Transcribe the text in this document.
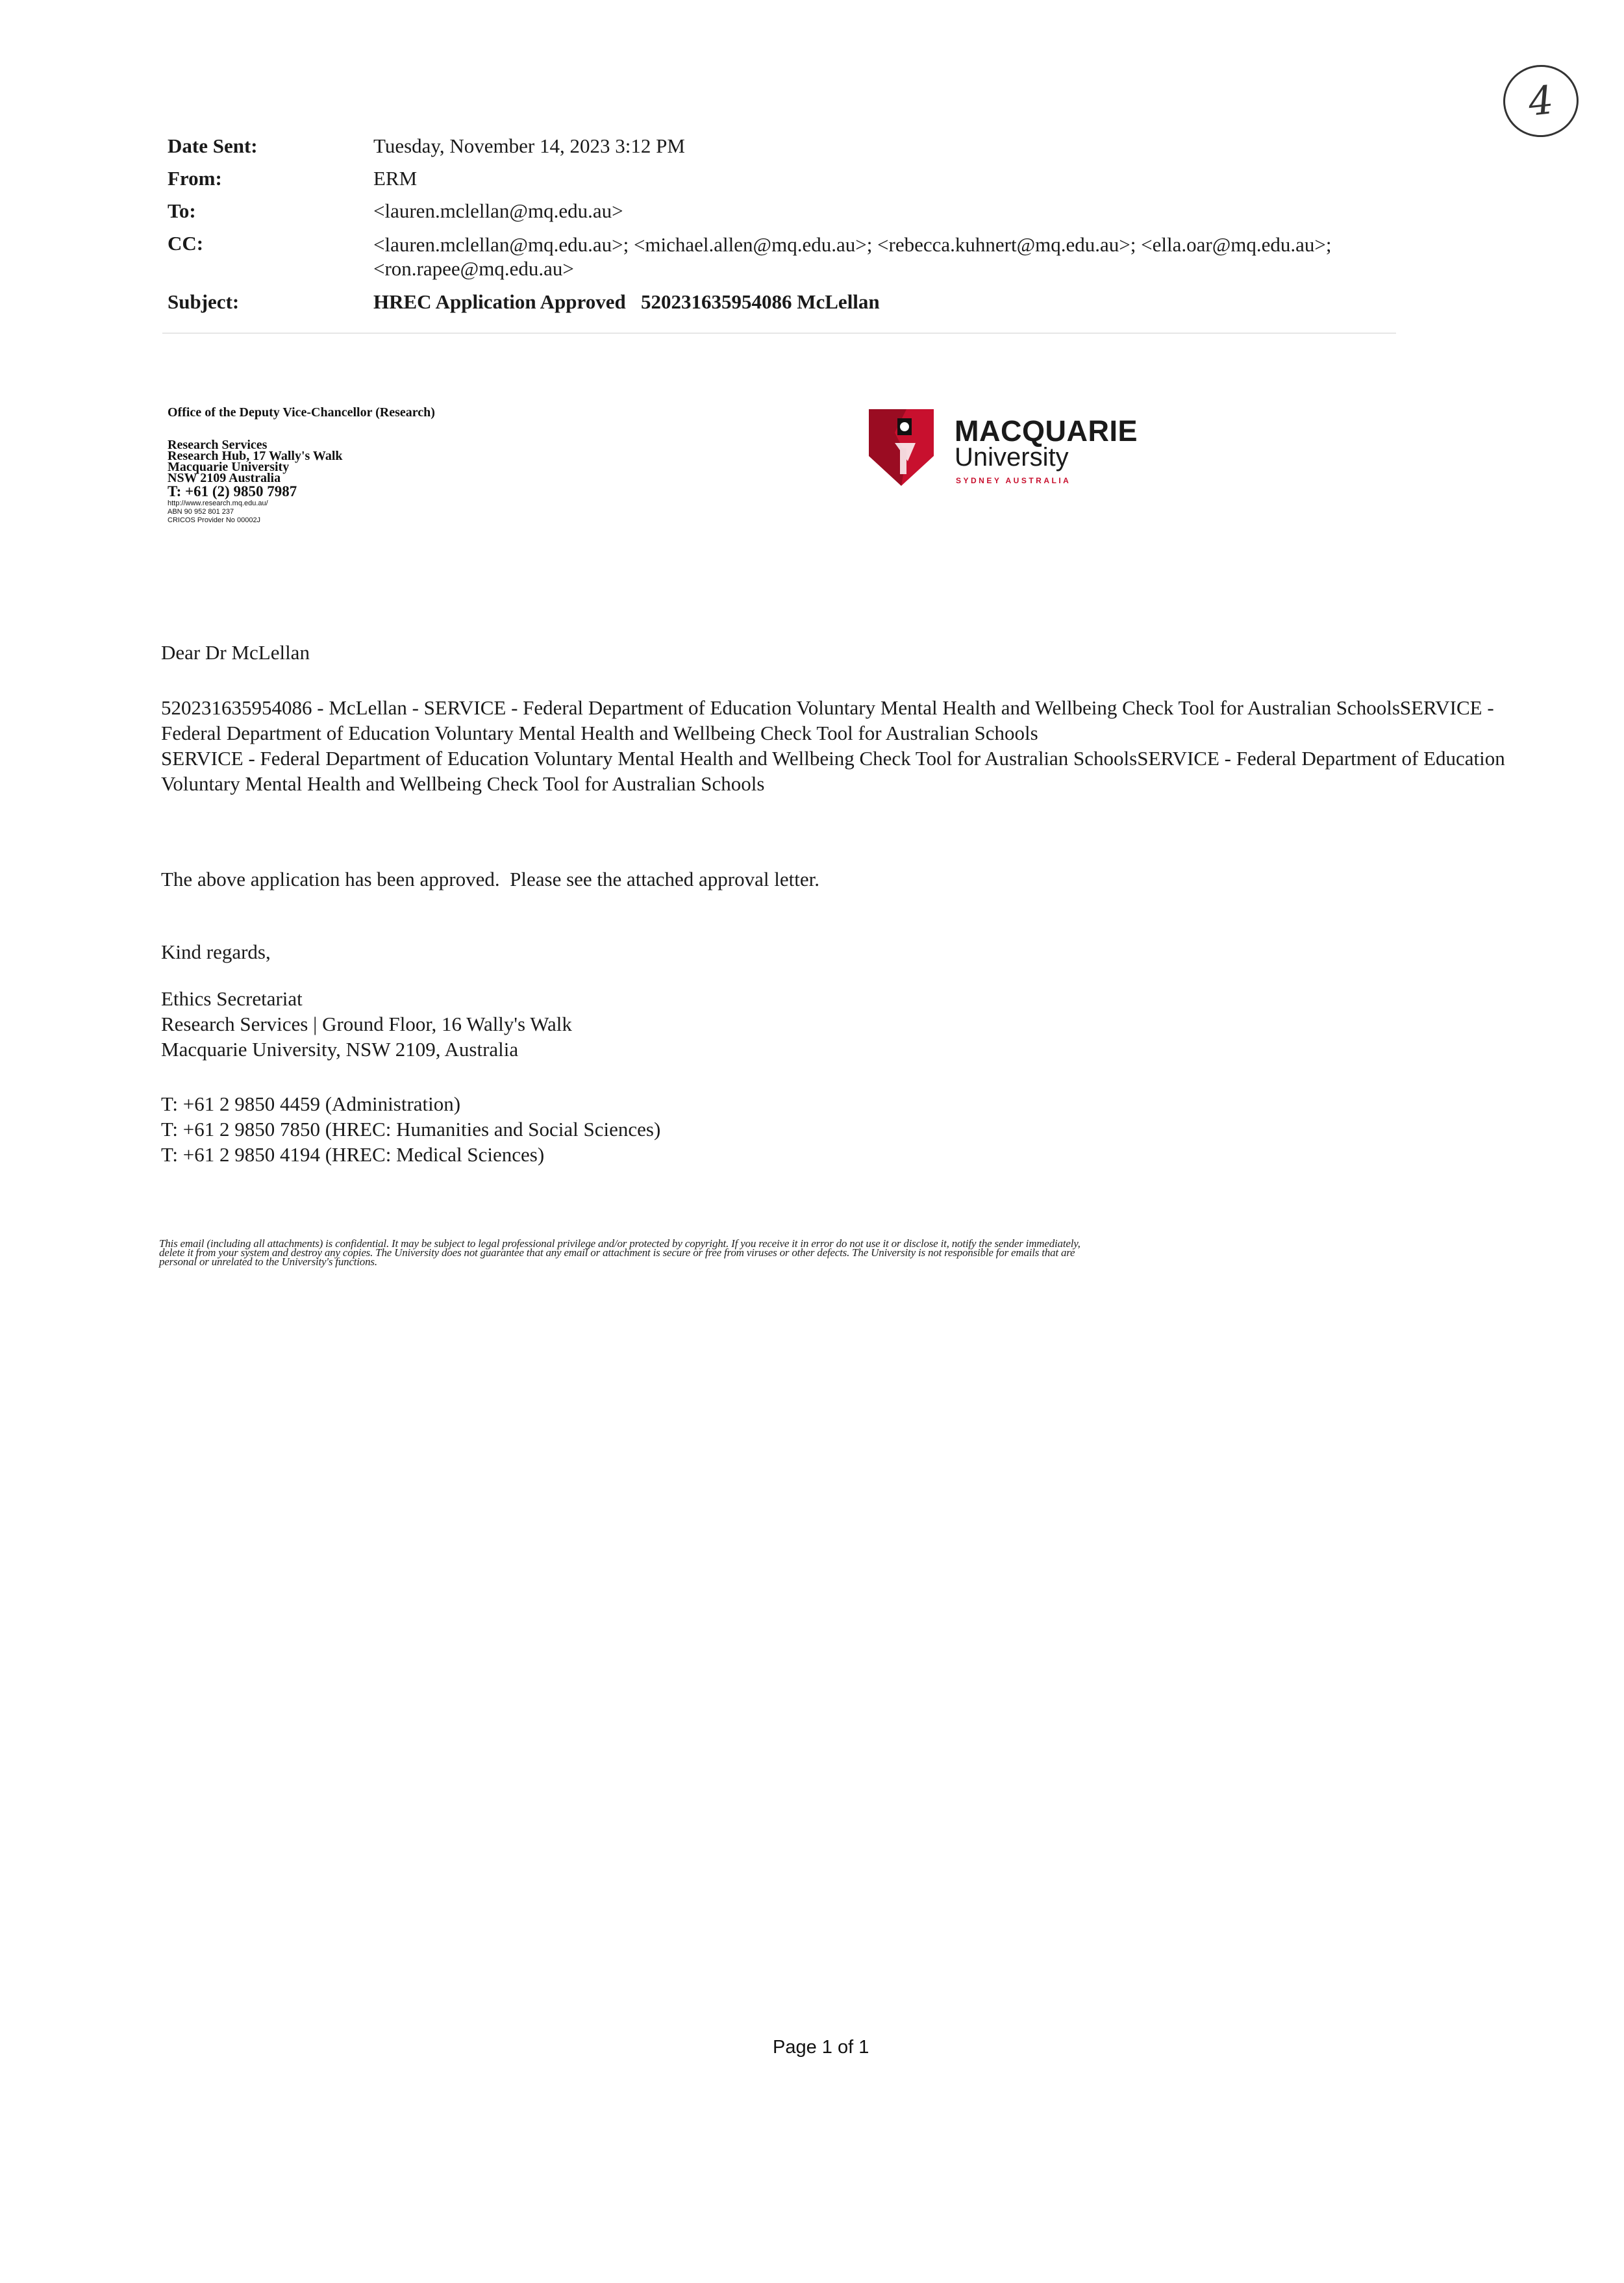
4
Date Sent:	Tuesday, November 14, 2023 3:12 PM
From:	ERM
To:	<lauren.mclellan@mq.edu.au>
CC:	<lauren.mclellan@mq.edu.au>; <michael.allen@mq.edu.au>; <rebecca.kuhnert@mq.edu.au>; <ella.oar@mq.edu.au>;
<ron.rapee@mq.edu.au>
Subject:	HREC Application Approved   520231635954086 McLellan
Office of the Deputy Vice-Chancellor (Research)
Research Services
Research Hub, 17 Wally's Walk
Macquarie University
NSW 2109 Australia
T: +61 (2) 9850 7987
http://www.research.mq.edu.au/
ABN 90 952 801 237
CRICOS Provider No 00002J
MACQUARIE
University
SYDNEY AUSTRALIA
Dear Dr McLellan
520231635954086 - McLellan - SERVICE - Federal Department of Education Voluntary Mental Health and Wellbeing Check Tool for Australian SchoolsSERVICE -
Federal Department of Education Voluntary Mental Health and Wellbeing Check Tool for Australian Schools
SERVICE - Federal Department of Education Voluntary Mental Health and Wellbeing Check Tool for Australian SchoolsSERVICE - Federal Department of Education
Voluntary Mental Health and Wellbeing Check Tool for Australian Schools
The above application has been approved.  Please see the attached approval letter.
Kind regards,
Ethics Secretariat
Research Services | Ground Floor, 16 Wally's Walk
Macquarie University, NSW 2109, Australia
T: +61 2 9850 4459 (Administration)
T: +61 2 9850 7850 (HREC: Humanities and Social Sciences)
T: +61 2 9850 4194 (HREC: Medical Sciences)
This email (including all attachments) is confidential. It may be subject to legal professional privilege and/or protected by copyright. If you receive it in error do not use it or disclose it, notify the sender immediately,
delete it from your system and destroy any copies. The University does not guarantee that any email or attachment is secure or free from viruses or other defects. The University is not responsible for emails that are
personal or unrelated to the University's functions.
Page 1 of 1
